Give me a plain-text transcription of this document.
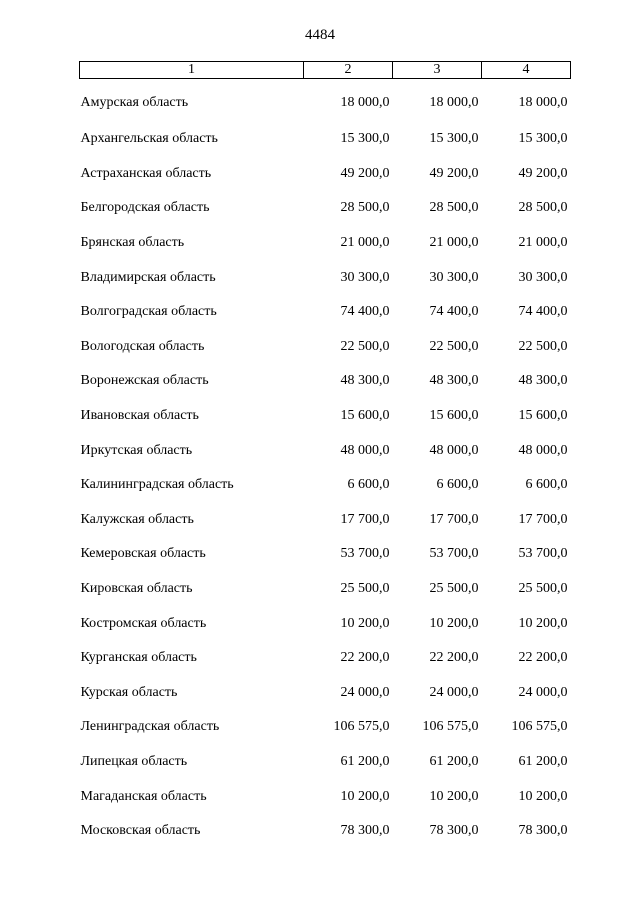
4484
1	2	3	4
Амурская область	18 000,0	18 000,0	18 000,0
Архангельская область	15 300,0	15 300,0	15 300,0
Астраханская область	49 200,0	49 200,0	49 200,0
Белгородская область	28 500,0	28 500,0	28 500,0
Брянская область	21 000,0	21 000,0	21 000,0
Владимирская область	30 300,0	30 300,0	30 300,0
Волгоградская область	74 400,0	74 400,0	74 400,0
Вологодская область	22 500,0	22 500,0	22 500,0
Воронежская область	48 300,0	48 300,0	48 300,0
Ивановская область	15 600,0	15 600,0	15 600,0
Иркутская область	48 000,0	48 000,0	48 000,0
Калининградская область	6 600,0	6 600,0	6 600,0
Калужская область	17 700,0	17 700,0	17 700,0
Кемеровская область	53 700,0	53 700,0	53 700,0
Кировская область	25 500,0	25 500,0	25 500,0
Костромская область	10 200,0	10 200,0	10 200,0
Курганская область	22 200,0	22 200,0	22 200,0
Курская область	24 000,0	24 000,0	24 000,0
Ленинградская область	106 575,0	106 575,0	106 575,0
Липецкая область	61 200,0	61 200,0	61 200,0
Магаданская область	10 200,0	10 200,0	10 200,0
Московская область	78 300,0	78 300,0	78 300,0
